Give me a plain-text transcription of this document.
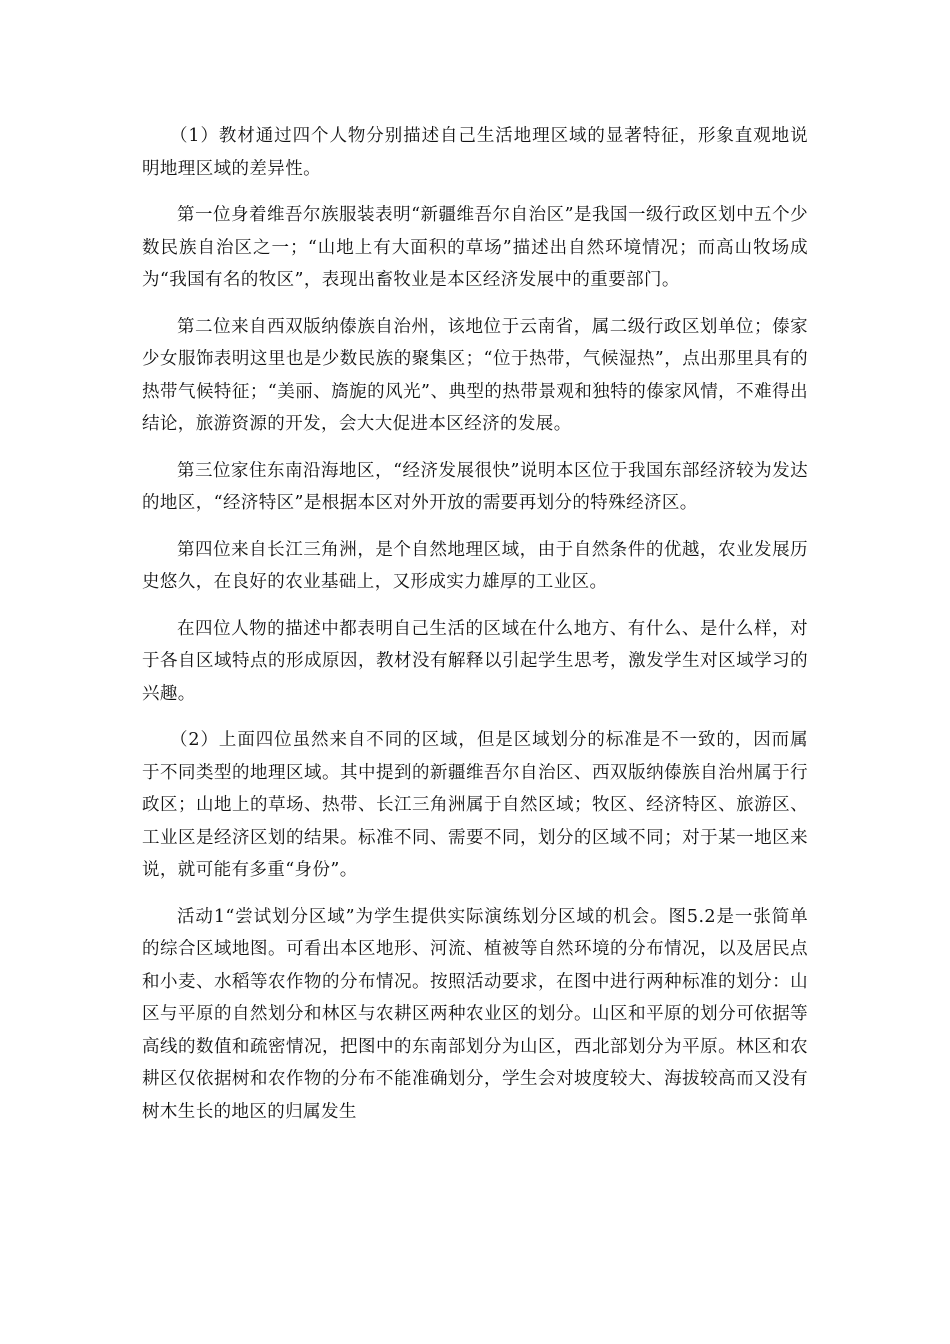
（1）教材通过四个人物分别描述自己生活地理区域的显著特征，形象直观地说明地理区域的差异性。

第一位身着维吾尔族服装表明“新疆维吾尔自治区”是我国一级行政区划中五个少数民族自治区之一；“山地上有大面积的草场”描述出自然环境情况；而高山牧场成为“我国有名的牧区”，表现出畜牧业是本区经济发展中的重要部门。

第二位来自西双版纳傣族自治州，该地位于云南省，属二级行政区划单位；傣家少女服饰表明这里也是少数民族的聚集区；“位于热带，气候湿热”，点出那里具有的热带气候特征；“美丽、旖旎的风光”、典型的热带景观和独特的傣家风情，不难得出结论，旅游资源的开发，会大大促进本区经济的发展。

第三位家住东南沿海地区，“经济发展很快”说明本区位于我国东部经济较为发达的地区，“经济特区”是根据本区对外开放的需要再划分的特殊经济区。

第四位来自长江三角洲，是个自然地理区域，由于自然条件的优越，农业发展历史悠久，在良好的农业基础上，又形成实力雄厚的工业区。

在四位人物的描述中都表明自己生活的区域在什么地方、有什么、是什么样，对于各自区域特点的形成原因，教材没有解释以引起学生思考，激发学生对区域学习的兴趣。

（2）上面四位虽然来自不同的区域，但是区域划分的标准是不一致的，因而属于不同类型的地理区域。其中提到的新疆维吾尔自治区、西双版纳傣族自治州属于行政区；山地上的草场、热带、长江三角洲属于自然区域；牧区、经济特区、旅游区、工业区是经济区划的结果。标准不同、需要不同，划分的区域不同；对于某一地区来说，就可能有多重“身份”。

活动1“尝试划分区域”为学生提供实际演练划分区域的机会。图5.2是一张简单的综合区域地图。可看出本区地形、河流、植被等自然环境的分布情况，以及居民点和小麦、水稻等农作物的分布情况。按照活动要求，在图中进行两种标准的划分：山区与平原的自然划分和林区与农耕区两种农业区的划分。山区和平原的划分可依据等高线的数值和疏密情况，把图中的东南部划分为山区，西北部划分为平原。林区和农耕区仅依据树和农作物的分布不能准确划分，学生会对坡度较大、海拔较高而又没有树木生长的地区的归属发生
